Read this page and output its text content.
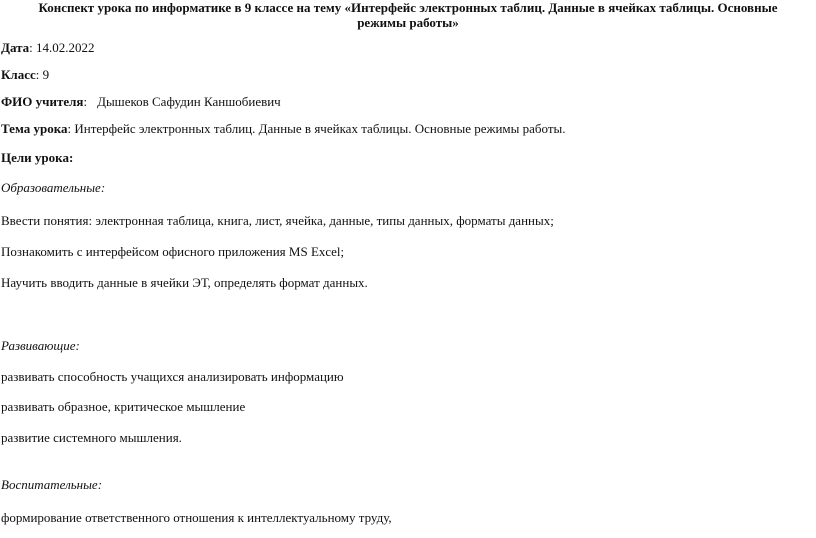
Конспект урока по информатике в 9 классе на тему «Интерфейс электронных таблиц. Данные в ячейках таблицы. Основные
режимы работы»
Дата: 14.02.2022
Класс: 9
ФИО учителя: Дышеков Сафудин Каншобиевич
Тема урока: Интерфейс электронных таблиц. Данные в ячейках таблицы. Основные режимы работы.
Цели урока:
Образовательные:
Ввести понятия: электронная таблица, книга, лист, ячейка, данные, типы данных, форматы данных;
Познакомить с интерфейсом офисного приложения MS Excel;
Научить вводить данные в ячейки ЭТ, определять формат данных.
Развивающие:
развивать способность учащихся анализировать информацию
развивать образное, критическое мышление
развитие системного мышления.
Воспитательные:
формирование ответственного отношения к интеллектуальному труду,
